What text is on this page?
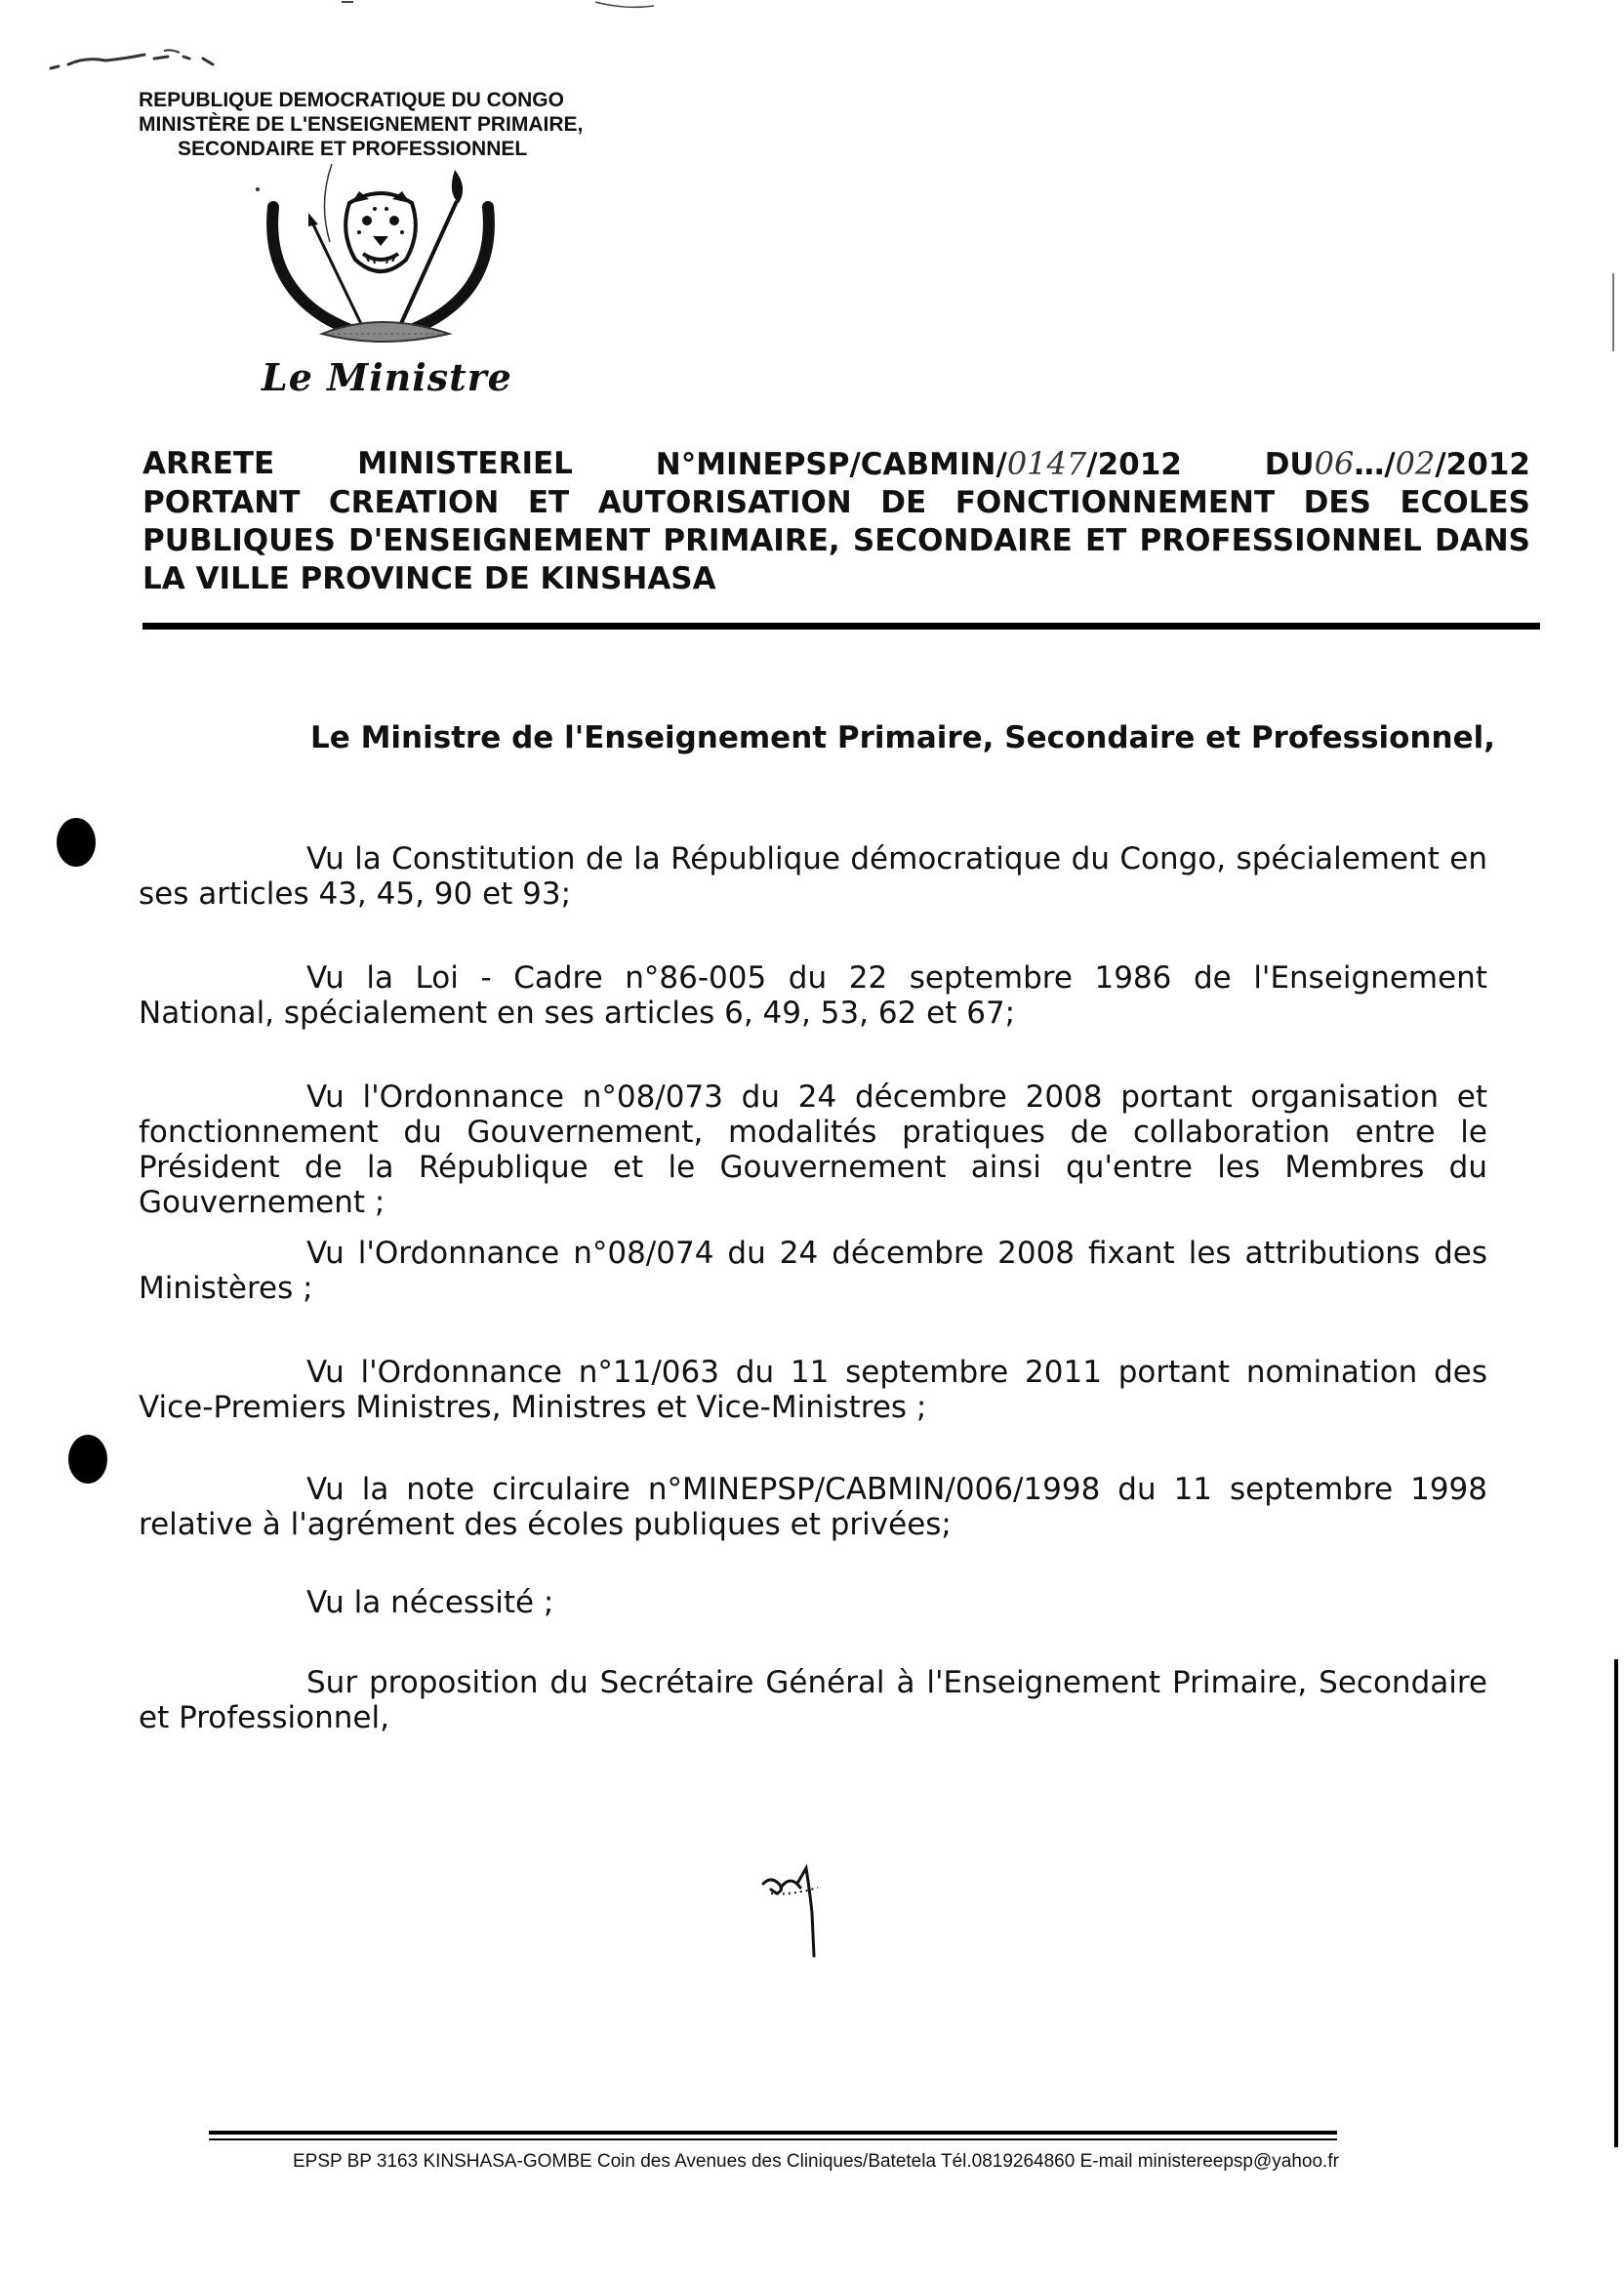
REPUBLIQUE DEMOCRATIQUE DU CONGO
MINISTÈRE DE L'ENSEIGNEMENT PRIMAIRE,
SECONDAIRE ET PROFESSIONNEL
Le Ministre
ARRETE	MINISTERIEL	N°MINEPSP/CABMIN/0147/2012	DU06…/02/2012
PORTANT CREATION ET AUTORISATION DE FONCTIONNEMENT DES ECOLES
PUBLIQUES D'ENSEIGNEMENT PRIMAIRE, SECONDAIRE ET PROFESSIONNEL DANS
LA VILLE PROVINCE DE KINSHASA
Le Ministre de l'Enseignement Primaire, Secondaire et Professionnel,
Vu la Constitution de la République démocratique du Congo, spécialement en ses articles 43, 45, 90 et 93;
Vu la Loi - Cadre n°86-005 du 22 septembre 1986 de l'Enseignement National, spécialement en ses articles 6, 49, 53, 62 et 67;
Vu l'Ordonnance n°08/073 du 24 décembre 2008 portant organisation et fonctionnement du Gouvernement, modalités pratiques de collaboration entre le Président de la République et le Gouvernement ainsi qu'entre les Membres du Gouvernement ;
Vu l'Ordonnance n°08/074 du 24 décembre 2008 fixant les attributions des Ministères ;
Vu l'Ordonnance n°11/063 du 11 septembre 2011 portant nomination des Vice-Premiers Ministres, Ministres et Vice-Ministres ;
Vu la note circulaire n°MINEPSP/CABMIN/006/1998 du 11 septembre 1998 relative à l'agrément des écoles publiques et privées;
Vu la nécessité ;
Sur proposition du Secrétaire Général à l'Enseignement Primaire, Secondaire et Professionnel,
EPSP BP 3163 KINSHASA-GOMBE Coin des Avenues des Cliniques/Batetela Tél.0819264860 E-mail ministereepsp@yahoo.fr
